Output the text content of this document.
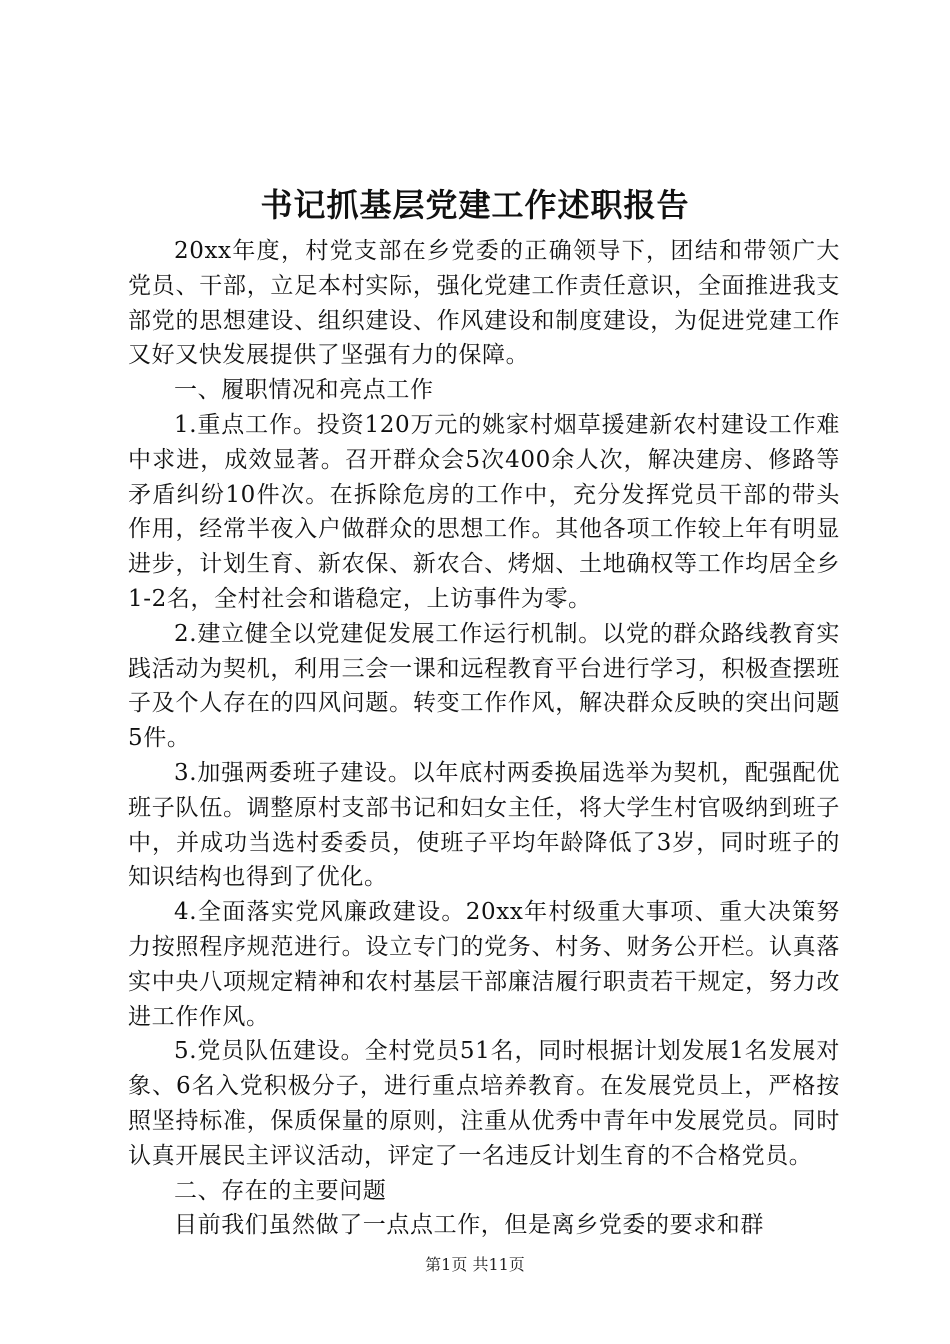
书记抓基层党建工作述职报告

20xx年度，村党支部在乡党委的正确领导下，团结和带领广大党员、干部，立足本村实际，强化党建工作责任意识，全面推进我支部党的思想建设、组织建设、作风建设和制度建设，为促进党建工作又好又快发展提供了坚强有力的保障。

一、履职情况和亮点工作

1.重点工作。投资120万元的姚家村烟草援建新农村建设工作难中求进，成效显著。召开群众会5次400余人次，解决建房、修路等矛盾纠纷10件次。在拆除危房的工作中，充分发挥党员干部的带头作用，经常半夜入户做群众的思想工作。其他各项工作较上年有明显进步，计划生育、新农保、新农合、烤烟、土地确权等工作均居全乡1-2名，全村社会和谐稳定，上访事件为零。

2.建立健全以党建促发展工作运行机制。以党的群众路线教育实践活动为契机，利用三会一课和远程教育平台进行学习，积极查摆班子及个人存在的四风问题。转变工作作风，解决群众反映的突出问题5件。

3.加强两委班子建设。以年底村两委换届选举为契机，配强配优班子队伍。调整原村支部书记和妇女主任，将大学生村官吸纳到班子中，并成功当选村委委员，使班子平均年龄降低了3岁，同时班子的知识结构也得到了优化。

4.全面落实党风廉政建设。20xx年村级重大事项、重大决策努力按照程序规范进行。设立专门的党务、村务、财务公开栏。认真落实中央八项规定精神和农村基层干部廉洁履行职责若干规定，努力改进工作作风。

5.党员队伍建设。全村党员51名，同时根据计划发展1名发展对象、6名入党积极分子，进行重点培养教育。在发展党员上，严格按照坚持标准，保质保量的原则，注重从优秀中青年中发展党员。同时认真开展民主评议活动，评定了一名违反计划生育的不合格党员。

二、存在的主要问题

目前我们虽然做了一点点工作，但是离乡党委的要求和群

第1页 共11页
